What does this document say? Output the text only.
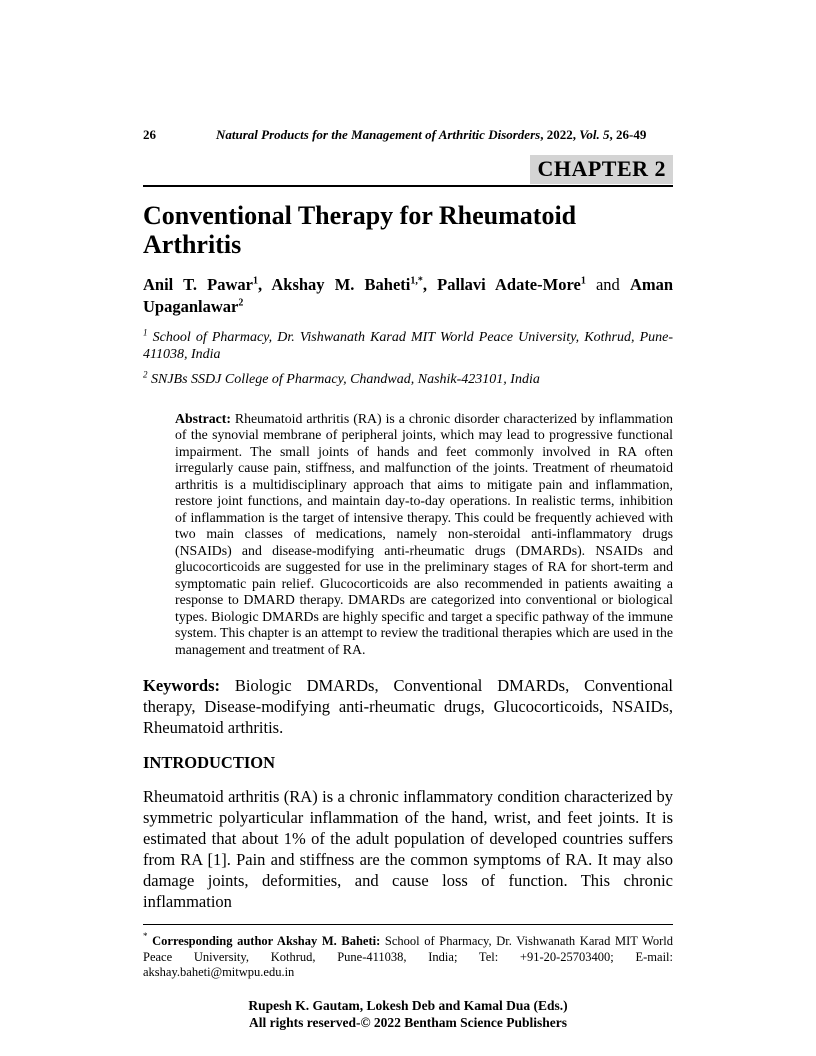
26	Natural Products for the Management of Arthritic Disorders, 2022, Vol. 5, 26-49
CHAPTER 2
Conventional Therapy for Rheumatoid Arthritis
Anil T. Pawar$^1$, Akshay M. Baheti$^{1,*}$, Pallavi Adate-More$^1$ and Aman Upaganlawar$^2$

$^1$ School of Pharmacy, Dr. Vishwanath Karad MIT World Peace University, Kothrud, Pune-411038, India

$^2$ SNJBs SSDJ College of Pharmacy, Chandwad, Nashik-423101, India

Abstract: Rheumatoid arthritis (RA) is a chronic disorder characterized by inflammation of the synovial membrane of peripheral joints, which may lead to progressive functional impairment. The small joints of hands and feet commonly involved in RA often irregularly cause pain, stiffness, and malfunction of the joints. Treatment of rheumatoid arthritis is a multidisciplinary approach that aims to mitigate pain and inflammation, restore joint functions, and maintain day-to-day operations. In realistic terms, inhibition of inflammation is the target of intensive therapy. This could be frequently achieved with two main classes of medications, namely non-steroidal anti-inflammatory drugs (NSAIDs) and disease-modifying anti-rheumatic drugs (DMARDs). NSAIDs and glucocorticoids are suggested for use in the preliminary stages of RA for short-term and symptomatic pain relief. Glucocorticoids are also recommended in patients awaiting a response to DMARD therapy. DMARDs are categorized into conventional or biological types. Biologic DMARDs are highly specific and target a specific pathway of the immune system. This chapter is an attempt to review the traditional therapies which are used in the management and treatment of RA.
Keywords: Biologic DMARDs, Conventional DMARDs, Conventional therapy, Disease-modifying anti-rheumatic drugs, Glucocorticoids, NSAIDs, Rheumatoid arthritis.
INTRODUCTION

Rheumatoid arthritis (RA) is a chronic inflammatory condition characterized by symmetric polyarticular inflammation of the hand, wrist, and feet joints. It is estimated that about 1% of the adult population of developed countries suffers from RA [1]. Pain and stiffness are the common symptoms of RA. It may also damage joints, deformities, and cause loss of function. This chronic inflammation

* Corresponding author Akshay M. Baheti: School of Pharmacy, Dr. Vishwanath Karad MIT World Peace University, Kothrud, Pune-411038, India; Tel: +91-20-25703400; E-mail: akshay.baheti@mitwpu.edu.in
Rupesh K. Gautam, Lokesh Deb and Kamal Dua (Eds.)
All rights reserved-© 2022 Bentham Science Publishers
